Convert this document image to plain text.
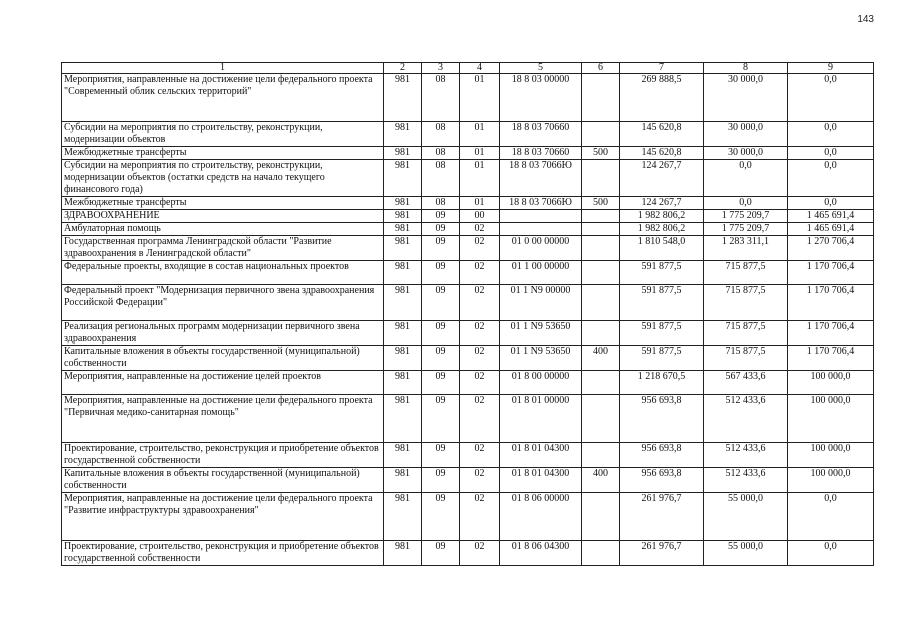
143
1	2	3	4	5	6	7	8	9
Мероприятия, направленные на достижение цели федерального проекта "Современный облик сельских территорий"	981	08	01	18 8 03 00000		269 888,5	30 000,0	0,0
Субсидии на мероприятия по строительству, реконструкции, модернизации объектов	981	08	01	18 8 03 70660		145 620,8	30 000,0	0,0
Межбюджетные трансферты	981	08	01	18 8 03 70660	500	145 620,8	30 000,0	0,0
Субсидии на мероприятия по строительству, реконструкции, модернизации объектов (остатки средств на начало текущего финансового года)	981	08	01	18 8 03 7066Ю		124 267,7	0,0	0,0
Межбюджетные трансферты	981	08	01	18 8 03 7066Ю	500	124 267,7	0,0	0,0
ЗДРАВООХРАНЕНИЕ	981	09	00			1 982 806,2	1 775 209,7	1 465 691,4
Амбулаторная помощь	981	09	02			1 982 806,2	1 775 209,7	1 465 691,4
Государственная программа Ленинградской области "Развитие здравоохранения в Ленинградской области"	981	09	02	01 0 00 00000		1 810 548,0	1 283 311,1	1 270 706,4
Федеральные проекты, входящие в состав национальных проектов	981	09	02	01 1 00 00000		591 877,5	715 877,5	1 170 706,4
Федеральный проект "Модернизация первичного звена здравоохранения Российской Федерации"	981	09	02	01 1 N9 00000		591 877,5	715 877,5	1 170 706,4
Реализация региональных программ модернизации первичного звена здравоохранения	981	09	02	01 1 N9 53650		591 877,5	715 877,5	1 170 706,4
Капитальные вложения в объекты государственной (муниципальной) собственности	981	09	02	01 1 N9 53650	400	591 877,5	715 877,5	1 170 706,4
Мероприятия, направленные на достижение целей проектов	981	09	02	01 8 00 00000		1 218 670,5	567 433,6	100 000,0
Мероприятия, направленные на достижение цели федерального проекта "Первичная медико-санитарная помощь"	981	09	02	01 8 01 00000		956 693,8	512 433,6	100 000,0
Проектирование, строительство, реконструкция и приобретение объектов государственной собственности	981	09	02	01 8 01 04300		956 693,8	512 433,6	100 000,0
Капитальные вложения в объекты государственной (муниципальной) собственности	981	09	02	01 8 01 04300	400	956 693,8	512 433,6	100 000,0
Мероприятия, направленные на достижение цели федерального проекта "Развитие инфраструктуры здравоохранения"	981	09	02	01 8 06 00000		261 976,7	55 000,0	0,0
Проектирование, строительство, реконструкция и приобретение объектов государственной собственности	981	09	02	01 8 06 04300		261 976,7	55 000,0	0,0
